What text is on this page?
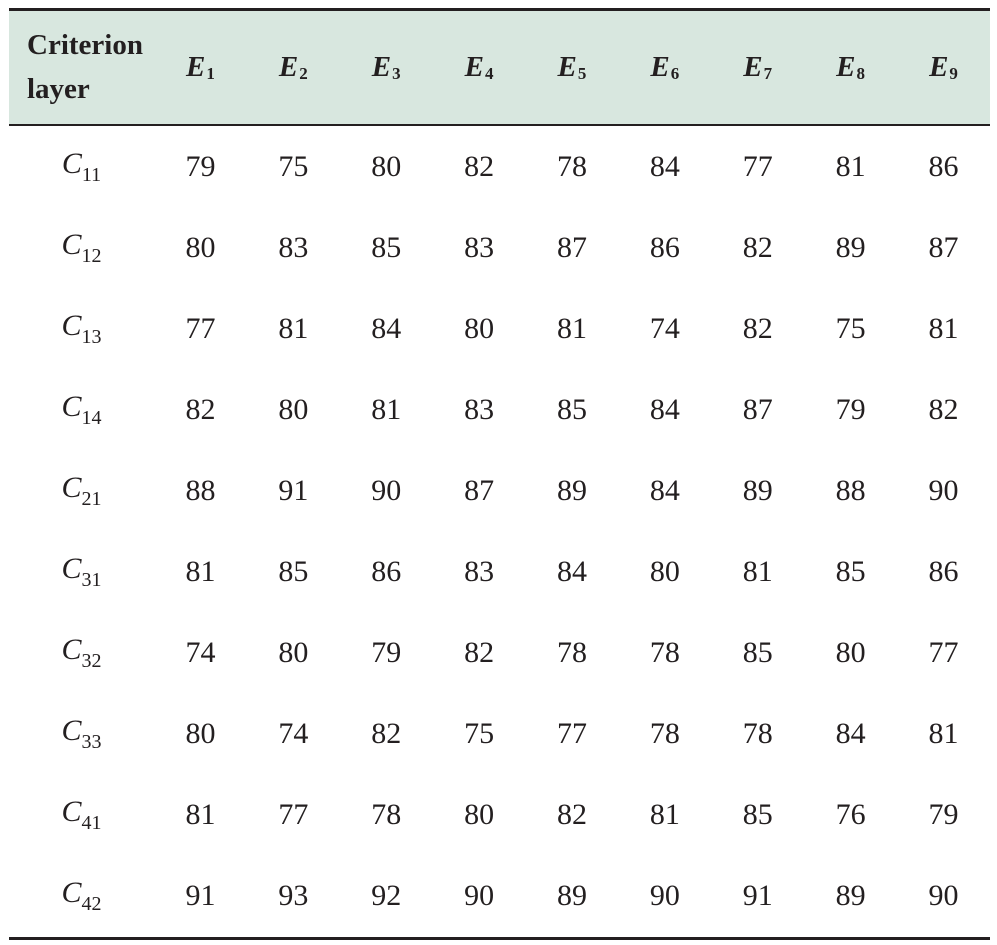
Criterion
layer	$E_1$	$E_2$	$E_3$	$E_4$	$E_5$	$E_6$	$E_7$	$E_8$	$E_9$
$C_{11}$	79	75	80	82	78	84	77	81	86
$C_{12}$	80	83	85	83	87	86	82	89	87
$C_{13}$	77	81	84	80	81	74	82	75	81
$C_{14}$	82	80	81	83	85	84	87	79	82
$C_{21}$	88	91	90	87	89	84	89	88	90
$C_{31}$	81	85	86	83	84	80	81	85	86
$C_{32}$	74	80	79	82	78	78	85	80	77
$C_{33}$	80	74	82	75	77	78	78	84	81
$C_{41}$	81	77	78	80	82	81	85	76	79
$C_{42}$	91	93	92	90	89	90	91	89	90
